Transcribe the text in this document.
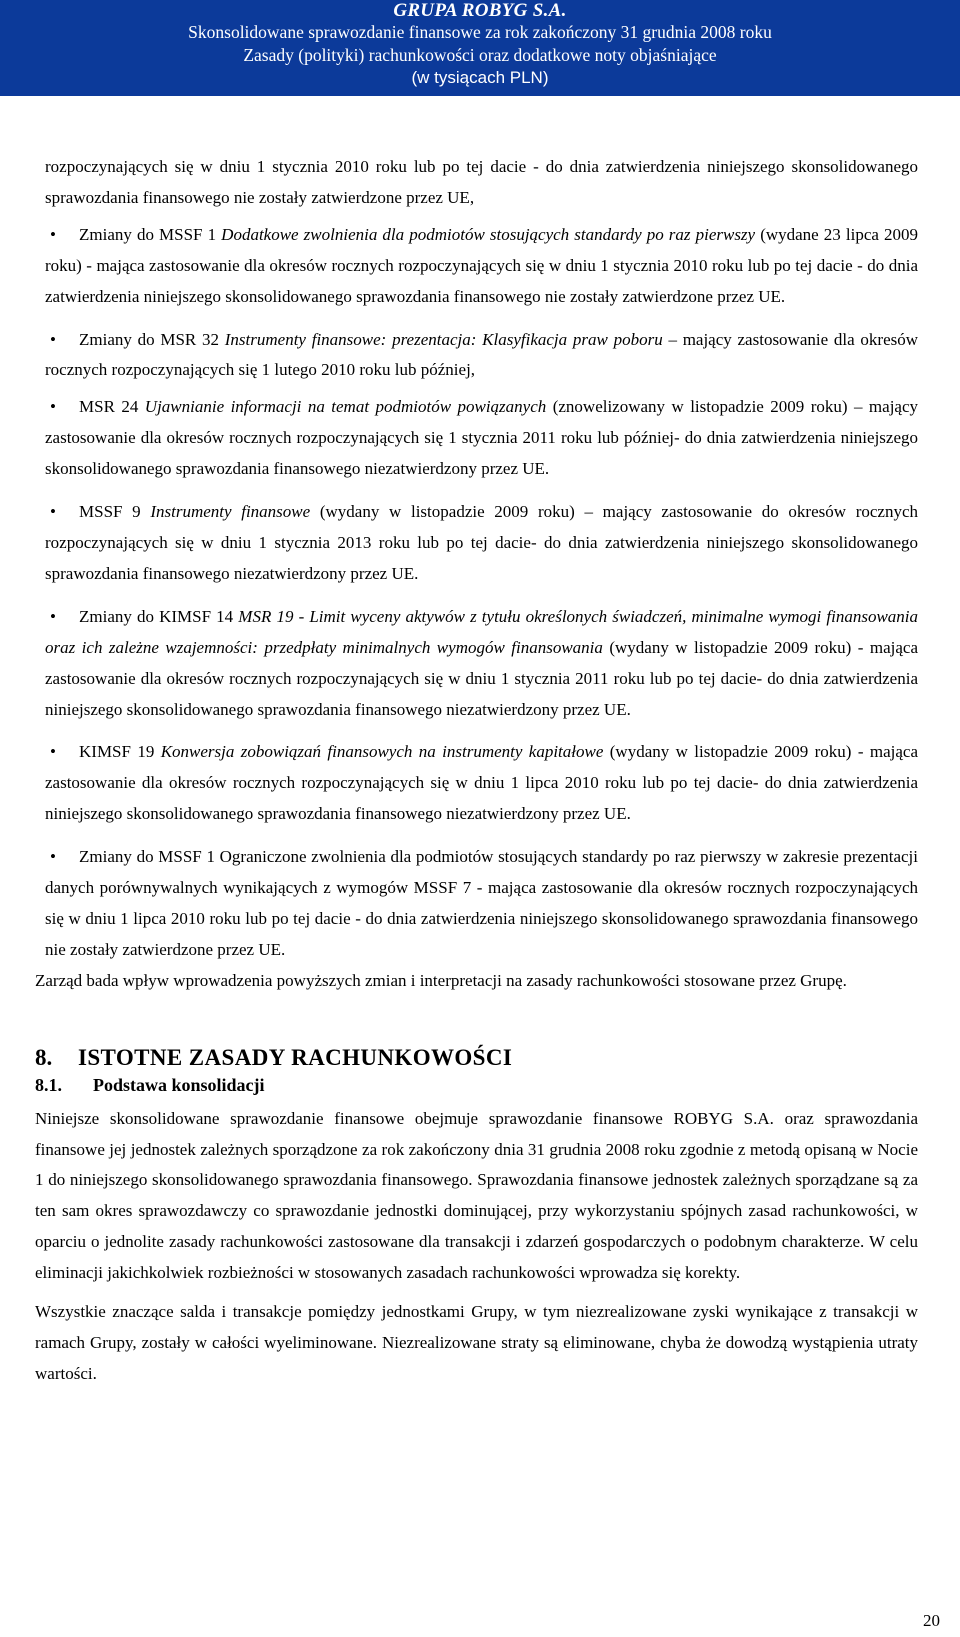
GRUPA ROBYG S.A.
Skonsolidowane sprawozdanie finansowe za rok zakończony 31 grudnia 2008 roku
Zasady (polityki) rachunkowości oraz dodatkowe noty objaśniające
(w tysiącach PLN)

rozpoczynających się w dniu 1 stycznia 2010 roku lub po tej dacie - do dnia zatwierdzenia niniejszego skonsolidowanego sprawozdania finansowego nie zostały zatwierdzone przez UE,

•	Zmiany do MSSF 1 Dodatkowe zwolnienia dla podmiotów stosujących standardy po raz pierwszy (wydane 23 lipca 2009 roku) - mająca zastosowanie dla okresów rocznych rozpoczynających się w dniu 1 stycznia 2010 roku lub po tej dacie - do dnia zatwierdzenia niniejszego skonsolidowanego sprawozdania finansowego nie zostały zatwierdzone przez UE.

•	Zmiany do MSR 32 Instrumenty finansowe: prezentacja: Klasyfikacja praw poboru – mający zastosowanie dla okresów rocznych rozpoczynających się 1 lutego 2010 roku lub później,

•	MSR 24 Ujawnianie informacji na temat podmiotów powiązanych (znowelizowany w listopadzie 2009 roku) – mający zastosowanie dla okresów rocznych rozpoczynających się 1 stycznia 2011 roku lub później- do dnia zatwierdzenia niniejszego skonsolidowanego sprawozdania finansowego niezatwierdzony przez UE.

•	MSSF 9 Instrumenty finansowe (wydany w listopadzie 2009 roku) – mający zastosowanie do okresów rocznych rozpoczynających się w dniu 1 stycznia 2013 roku lub po tej dacie- do dnia zatwierdzenia niniejszego skonsolidowanego sprawozdania finansowego niezatwierdzony przez UE.

•	Zmiany do KIMSF 14 MSR 19 - Limit wyceny aktywów z tytułu określonych świadczeń, minimalne wymogi finansowania oraz ich zależne wzajemności: przedpłaty minimalnych wymogów finansowania (wydany w listopadzie 2009 roku) - mająca zastosowanie dla okresów rocznych rozpoczynających się w dniu 1 stycznia 2011 roku lub po tej dacie- do dnia zatwierdzenia niniejszego skonsolidowanego sprawozdania finansowego niezatwierdzony przez UE.

•	KIMSF 19 Konwersja zobowiązań finansowych na instrumenty kapitałowe (wydany w listopadzie 2009 roku) - mająca zastosowanie dla okresów rocznych rozpoczynających się w dniu 1 lipca 2010 roku lub po tej dacie- do dnia zatwierdzenia niniejszego skonsolidowanego sprawozdania finansowego niezatwierdzony przez UE.

•	Zmiany do MSSF 1 Ograniczone zwolnienia dla podmiotów stosujących standardy po raz pierwszy w zakresie prezentacji danych porównywalnych wynikających z wymogów MSSF 7 - mająca zastosowanie dla okresów rocznych rozpoczynających się w dniu 1 lipca 2010 roku lub po tej dacie - do dnia zatwierdzenia niniejszego skonsolidowanego sprawozdania finansowego nie zostały zatwierdzone przez UE.

Zarząd bada wpływ wprowadzenia powyższych zmian i interpretacji na zasady rachunkowości stosowane przez Grupę.

8.	ISTOTNE ZASADY RACHUNKOWOŚCI
8.1.	Podstawa konsolidacji

Niniejsze skonsolidowane sprawozdanie finansowe obejmuje sprawozdanie finansowe ROBYG S.A. oraz sprawozdania finansowe jej jednostek zależnych sporządzone za rok zakończony dnia 31 grudnia 2008 roku zgodnie z metodą opisaną w Nocie 1 do niniejszego skonsolidowanego sprawozdania finansowego. Sprawozdania finansowe jednostek zależnych sporządzane są za ten sam okres sprawozdawczy co sprawozdanie jednostki dominującej, przy wykorzystaniu spójnych zasad rachunkowości, w oparciu o jednolite zasady rachunkowości zastosowane dla transakcji i zdarzeń gospodarczych o podobnym charakterze. W celu eliminacji jakichkolwiek rozbieżności w stosowanych zasadach rachunkowości wprowadza się korekty.

Wszystkie znaczące salda i transakcje pomiędzy jednostkami Grupy, w tym niezrealizowane zyski wynikające z transakcji w ramach Grupy, zostały w całości wyeliminowane. Niezrealizowane straty są eliminowane, chyba że dowodzą wystąpienia utraty wartości.

20
